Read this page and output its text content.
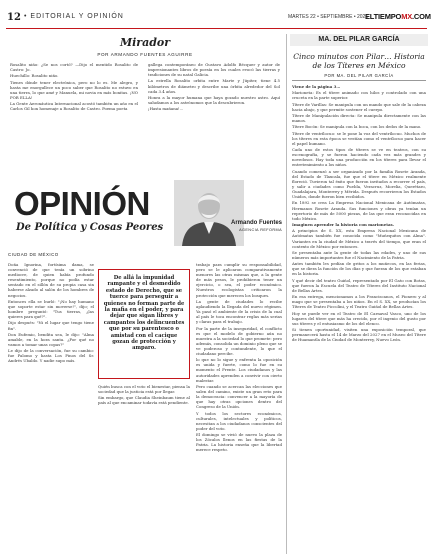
12 • EDITORIAL Y OPINIÓN	MARTES 22 • SEPTIEMBRE • 2026
ELTIEMPOMX.COM
Mirador
POR ARMANDO FUENTES AGUIRRE

Rosalito niño: ¿Se nos cortó? —Dijo el mentido Rosalito de Castro: Jo.

Huechillo: Rosalito niño.

Tienes dónde tener electrónica, pero no lo es. Me alegro, y hasta me enorgullece un poco saber que Rosalito no estuvo en una tierra, lo que amé y Manuela, mi novia en más bonitas. ¡NO POR ELLA!

La Gente Aeronáutica Internacional acostó también un año en el Carlos Gil hon homenaje a Rosalito de Castro. Poema poeta

gallega contemporáneo de Gustavo Adolfo Bécquer y autor de impresionantes libros de poesía en los cuales evocó las tierras y tradiciones de su natal Galicia.

La estrella Rosalito orbita entre Marte y Júpiter, tiene 4.5 kilómetros de diámetro y describe una órbita alrededor del Sol cada 3.4 años.

Honra a la mayor humana que haya gozado nuestro astro. Aquí saludamos a los astrónomos que la descubrieron.

¡Hasta mañana!...

OPINIÓN
De Política y Cosas Peores	Armando Fuentes
AGENCIA REFORMA
CIUDAD DE MÉXICO

Doña Ignorina, fortísima dama, se convenció de que tenía un sobrino mediocre, de quien había profundo resentimiento, porque no podía estar sentado en el sillón de su propia casa sin haberse alzado al salón de los hombres de negocios.

Entonces ella se burló: "¡No hay humano que soporte estar sin moverse!", dijo; el hombre preguntó: "Tus tierras, ¿las quieres para qué?".

Dijo después: "Ni el lugar que tengo tiene fin".

Don Eufemio, bendita sea, le dijo: "Alma amable, en la hora santa. ¿Por qué no vamos a tomar unas copas?"

Le dijo de la conversación, fue su cambio: fue Palomo y hasta Los Pinos del Sr. Andrés Ubaldo. Y nadie supo más.

Quién busca con el voto el bienestar, piensa la sociedad que la justicia está por llegar.

Sin embargo, que Claudia Sheinbaum tiene al país al que encaminar todavía está pendiente.

trabajo para cumplir su responsabilidad, pero se le aplicaron comparativamente menores las otras mismas que, a la gente de más pesos, le prohibieron tener un ejercicio, o sea, el poder económico. Nuestros ecologistas criticaron la protección que merecen los bosques.

La gente de ciudades lo recibe aplaudiendo la llegada del nuevo régimen. Ya pasó el ambiente de la crisis de la cual al país le toca encontrar reglas más serias y claras para el trabajo.

Por la parte de la inseguridad, el conflicto es que el modelo de gobierno aún no muestra a la sociedad lo que promete: pero además, consolida un dominio pleno que se ve poderoso y contundente, lo que el ciudadano percibe.

lo que no lo sigue y enfrenta la oposición es unida y fuerte, como lo fue en su momento el Frente. Los ciudadanos y las autoridades aprenden a convivir con cierto malestar.

Pero cuando se acercan las elecciones que salen del camino, existe un gran reto para la democracia: convencer a la mayoría de que hay otras opciones dentro del Congreso de la Unión.

Y todos los sectores económicos, culturales, intelectuales y políticos, necesitan a los ciudadanos conscientes del poder del voto.

El domingo se vivió de nuevo la plaza de los Zócalos llenos en las fiestas de la Patria. La historia enseña que la libertad merece respeto.

De allá la impunidad rampante y el desmedido estado de Derecho, que se tuerce para perseguir a quienes no forman parte de la mafia en el poder, y para dejar que sigan libres y campantes los delincuentes que por su parentesco o amistad con el cacique gozan de protección y amparo.
MA. DEL PILAR GARCÍA
Cinco minutos con Pilar… Historia de los Títeres en México
POR MA. DEL PILAR GARCÍA

Viene de la página 3…

Marioneta: Es el títere animado con hilos y controlado con una cruceta en la parte superior.

Títere de Varillas: Se manipula con un mando que sale de la cabeza hacia abajo, y que permite sostener el cuerpo.

Títere de Manipulación directa: Se manipula directamente con las manos.

Títere Bocón: Se manipula con la boca, con los dedos de la mano.

Títere de ventrílocuo: se le pone la voz del ventrílocuo. Muchos de los títeres en esta época se vestían como el ventrílocuo para hacer el papel humano.

Cada uno de estos tipos de títeres se ve en teatros, con su escenografía, y se fueron haciendo cada vez más grandes y novedosos. Hay toda una producción en los títeres para llevar el entretenimiento a los niños.

Cuando comenzó a ser organizado por la familia Rosete Aranda, del Estado de Tlaxcala, fue que el títere en México realmente floreció. Tuvieron tal éxito que fueron invitados a recorrer el país, y salir a ciudades como Puebla, Veracruz, Morelia, Querétaro, Guadalajara, Monterrey y Mérida. Después recorrieron los Estados Unidos, donde fueron bien recibidos.

En 1892 se crea La Empresa Nacional Mexicana de Autómatas, Hermanos Rosete Aranda. Sus funciones y obras ya tenían un repertorio de más de 5000 piezas, de las que eran reconocidas en todo México.

Imaginen aprender la historia con marionetas.

A principios de S. XX, esta Empresa Nacional Mexicana de Autómatas también fue conocida como "Muñequitos con Alma". Variantes en la ciudad de México a través del tiempo, que eran el contexto de México por entonces.

Se presentaba ante la gente de todas las edades, y uno de sus números más importantes fue el Nacimiento de la Patria.

Antes también les pedían de gritos a los muñecos, en las ferias, que se diera la función de los días y que fueran de los que estaban en la historia.

Y qué decir del teatro Guiñol, representado por El Gato con Botas, que fueron la Escuela del Teatro de Títeres del Instituto Nacional de Bellas Artes.

En esa entrega, mencionamos a los Franciscanos, el Pionero y al mago que se presentaba a los niños. En el S. XX, se producían los Títeres de Teatro Piccolini, y el Teatro Guiñol de Bellas Artes.

Hoy se puede ver en el Teatro de El Carnaval Vasco, uno de los lugares del títere que más ha crecido, por el ingenio del gusto por sus títeres y el entusiasmo de los del elenco.

Si tienen oportunidad, visiten una exposición temporal, que permanecerá hasta el 14 de Marzo del 2027 en el Museo del Títere de Huamantla de la Ciudad de Monterrey, Nuevo León.
